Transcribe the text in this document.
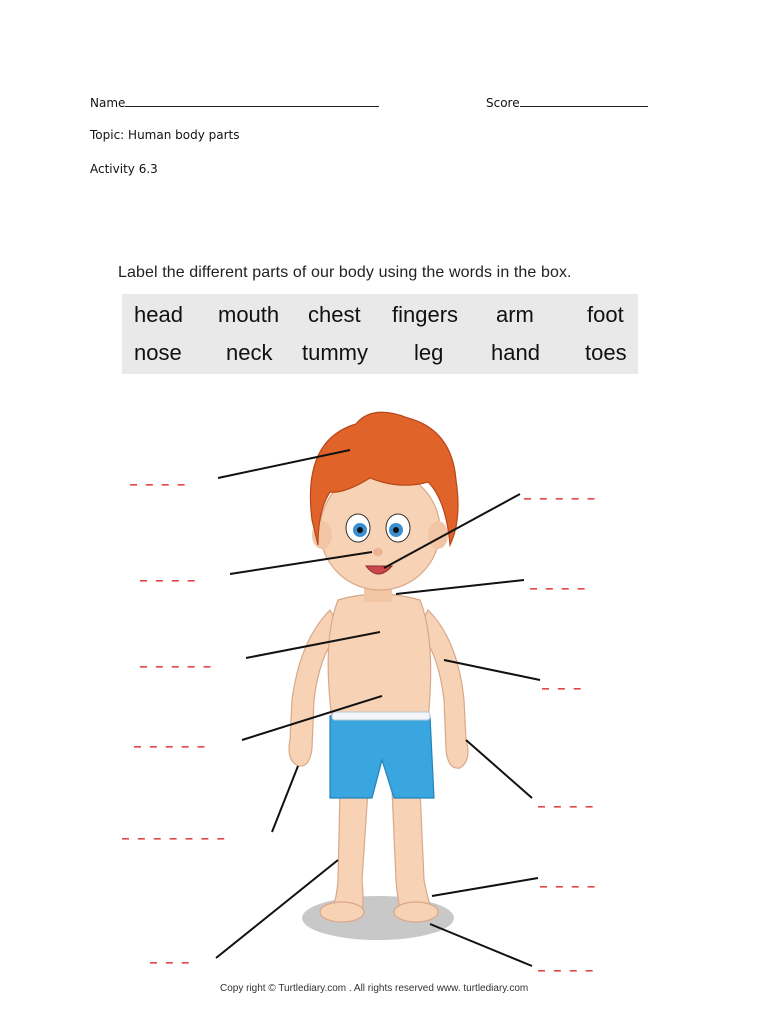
Name	Score
Topic: Human body parts
Activity 6.3
Label the different parts of our body using the words in the box.
head mouth chest fingers arm foot
nose neck tummy leg hand toes
_ _ _ _
_ _ _ _
_ _ _ _ _
_ _ _ _ _
_ _ _ _ _ _ _
_ _ _
_ _ _ _ _
_ _ _ _
_ _ _
_ _ _ _
_ _ _ _
_ _ _ _
Copy right © Turtlediary.com . All rights reserved www. turtlediary.com
